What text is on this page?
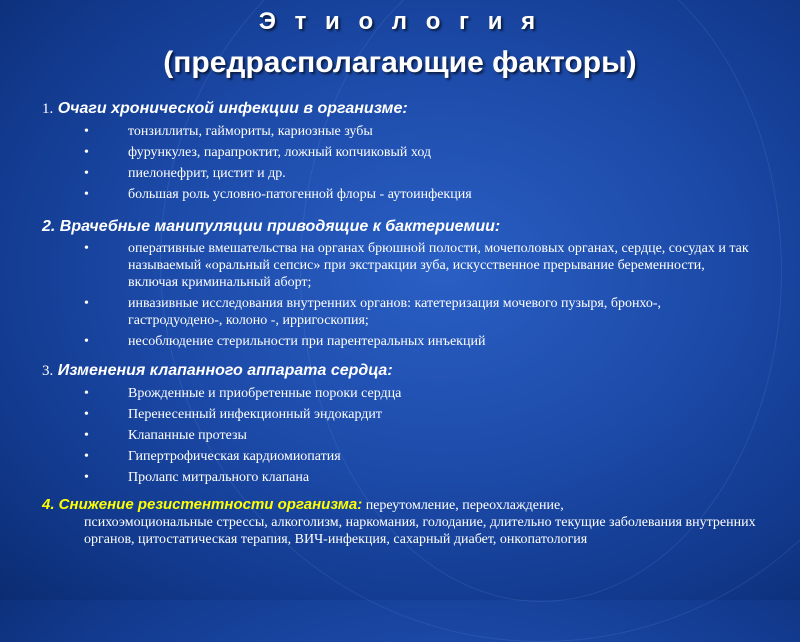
Э т и о л о г и я
(предрасполагающие факторы)
1. Очаги хронической инфекции в организме:
•	тонзиллиты, гаймориты, кариозные зубы
•	фурункулез, парапроктит, ложный копчиковый ход
•	пиелонефрит, цистит и др.
•	большая роль условно-патогенной флоры - аутоинфекция
2. Врачебные манипуляции приводящие к бактериемии:
•	оперативные вмешательства на органах брюшной полости, мочеполовых органах, сердце, сосудах и так называемый «оральный сепсис» при экстракции зуба, искусственное прерывание беременности, включая криминальный аборт;
•	инвазивные исследования внутренних органов: катетеризация мочевого пузыря, бронхо-, гастродуодено-, колоно -, ирригоскопия;
•	несоблюдение стерильности при парентеральных инъекций
3. Изменения клапанного аппарата сердца:
•	Врожденные и приобретенные пороки сердца
•	Перенесенный инфекционный эндокардит
•	Клапанные протезы
•	Гипертрофическая кардиомиопатия
•	Пролапс митрального клапана
4. Снижение резистентности организма: переутомление, переохлаждение,
психоэмоциональные стрессы, алкоголизм, наркомания, голодание, длительно текущие заболевания внутренних органов, цитостатическая терапия, ВИЧ-инфекция, сахарный диабет, онкопатология
